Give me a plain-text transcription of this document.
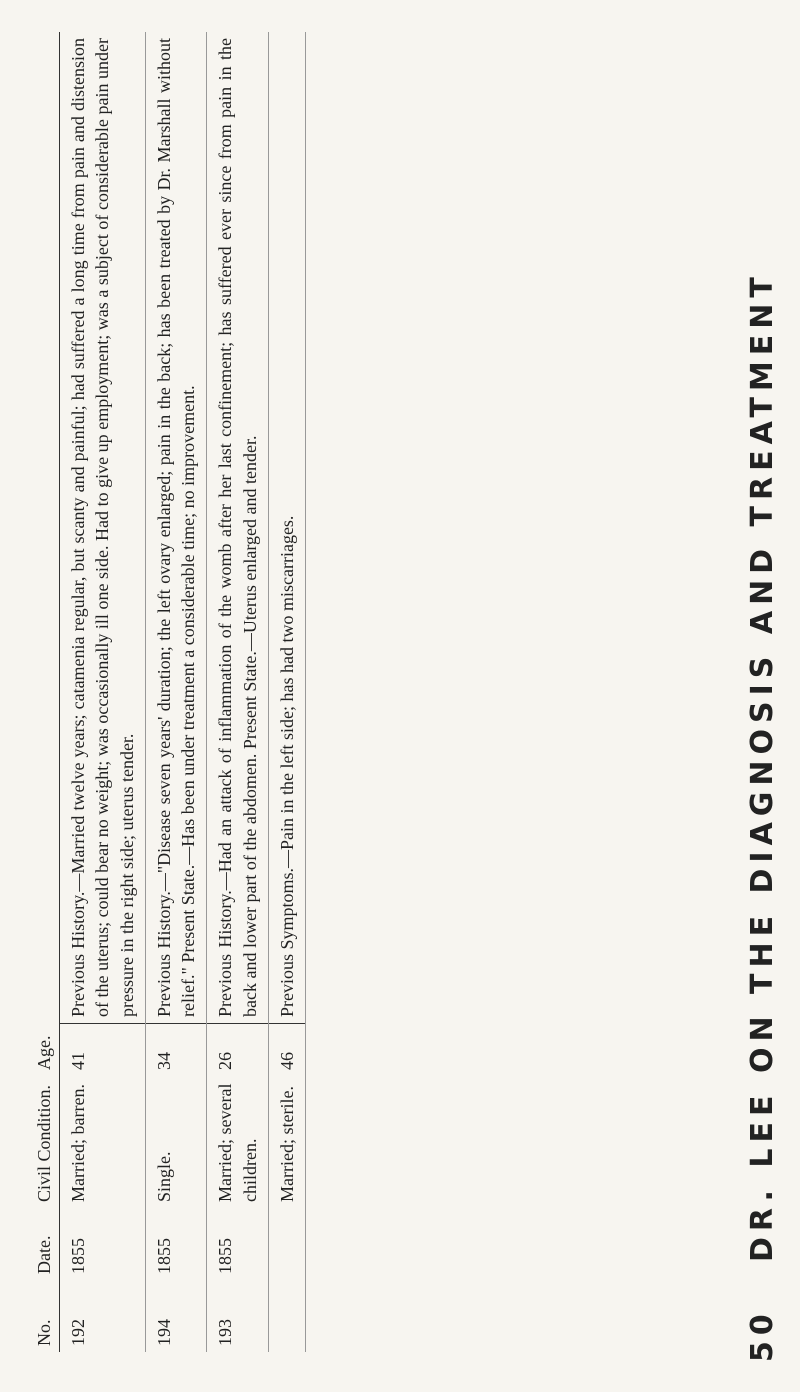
No.	Date.	Civil Condition.	Age.	
192	1855	Married; barren.	41	Previous History.—Married twelve years; catamenia regular, but scanty and painful; had suffered a long time from pain and distension of the uterus; could bear no weight; was occasionally ill one side. Had to give up employment; was a subject of considerable pain under pressure in the right side; uterus tender.
194	1855	Single.	34	Previous History.—"Disease seven years' duration; the left ovary enlarged; pain in the back; has been treated by Dr. Marshall without relief." Present State.—Has been under treatment a considerable time; no improvement.
193	1855	Married; several children.	26	Previous History.—Had an attack of inflammation of the womb after her last confinement; has suffered ever since from pain in the back and lower part of the abdomen. Present State.—Uterus enlarged and tender.
		Married; sterile.	46	Previous Symptoms.—Pain in the left side; has had two miscarriages.
50
DR. LEE ON THE DIAGNOSIS AND TREATMENT
